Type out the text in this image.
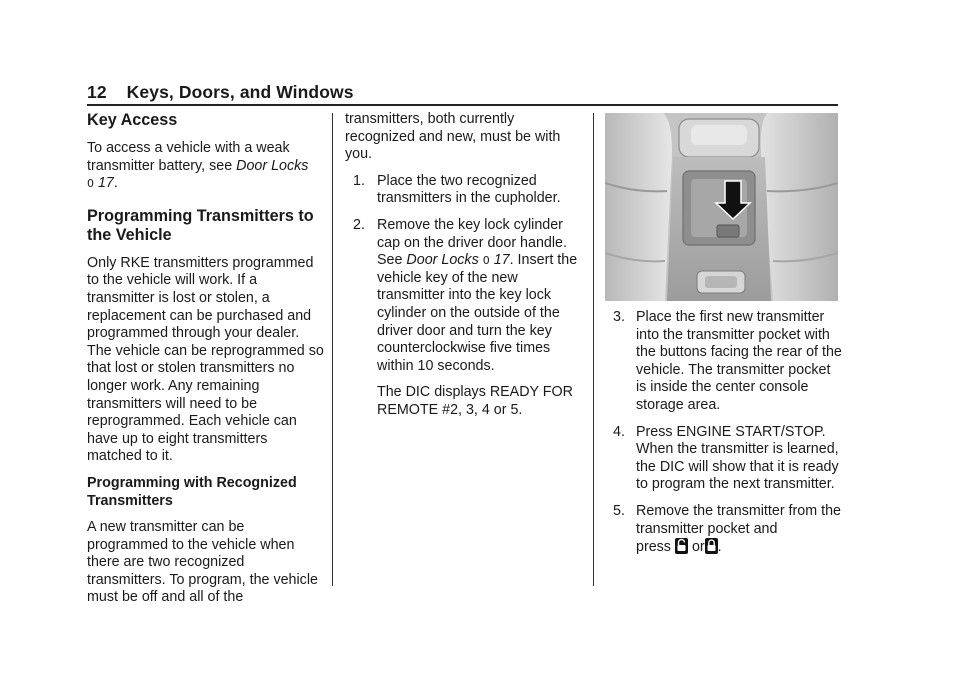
12 Keys, Doors, and Windows
Key Access

To access a vehicle with a weak transmitter battery, see Door Locks
0 17.

Programming Transmitters to the Vehicle

Only RKE transmitters programmed to the vehicle will work. If a transmitter is lost or stolen, a replacement can be purchased and programmed through your dealer. The vehicle can be reprogrammed so that lost or stolen transmitters no longer work. Any remaining transmitters will need to be reprogrammed. Each vehicle can have up to eight transmitters matched to it.

Programming with Recognized Transmitters

A new transmitter can be programmed to the vehicle when there are two recognized transmitters. To program, the vehicle must be off and all of the

transmitters, both currently recognized and new, must be with you.

1. Place the two recognized transmitters in the cupholder.
2. Remove the key lock cylinder cap on the driver door handle. See Door Locks 0 17. Insert the vehicle key of the new transmitter into the key lock cylinder on the outside of the driver door and turn the key counterclockwise five times within 10 seconds.

The DIC displays READY FOR REMOTE #2, 3, 4 or 5.

3. Place the first new transmitter into the transmitter pocket with the buttons facing the rear of the vehicle. The transmitter pocket is inside the center console storage area.
4. Press ENGINE START/STOP. When the transmitter is learned, the DIC will show that it is ready to program the next transmitter.
5. Remove the transmitter from the transmitter pocket and
press or .
